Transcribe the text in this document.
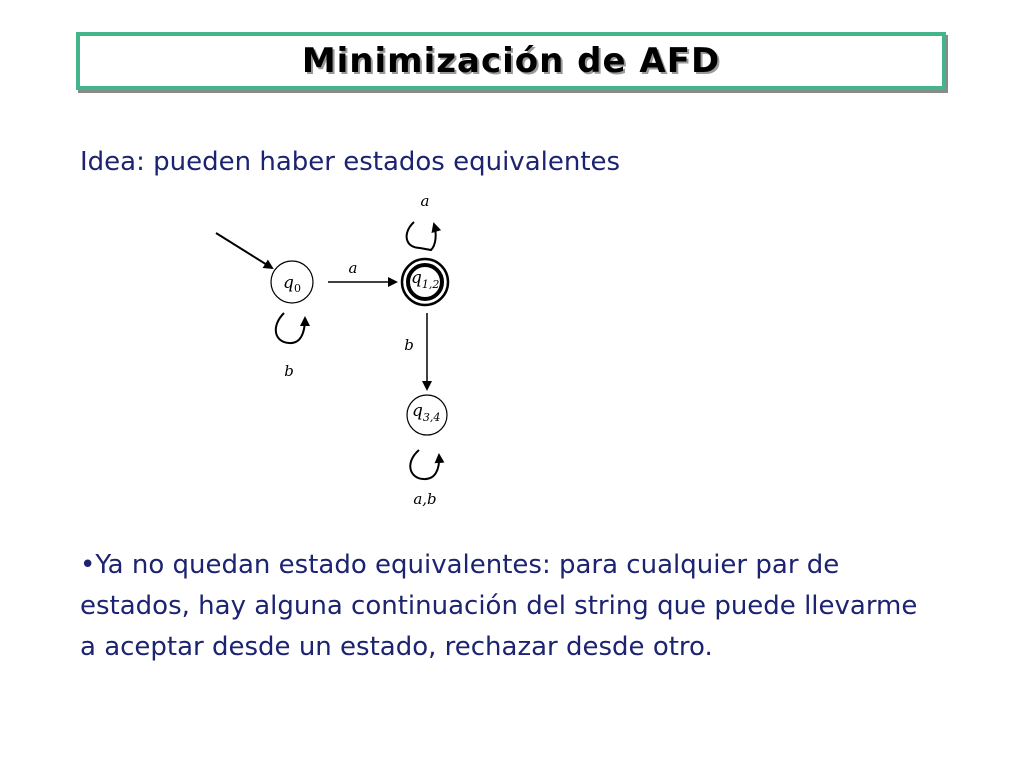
Minimización de AFD
Idea: pueden haber estados equivalentes
$q_0$
$q_{1,2}$
$q_{3,4}$
a
b
a
b
a,b

•Ya no quedan estado equivalentes: para cualquier par de estados, hay alguna continuación del string que puede llevarme a aceptar desde un estado, rechazar desde otro.
